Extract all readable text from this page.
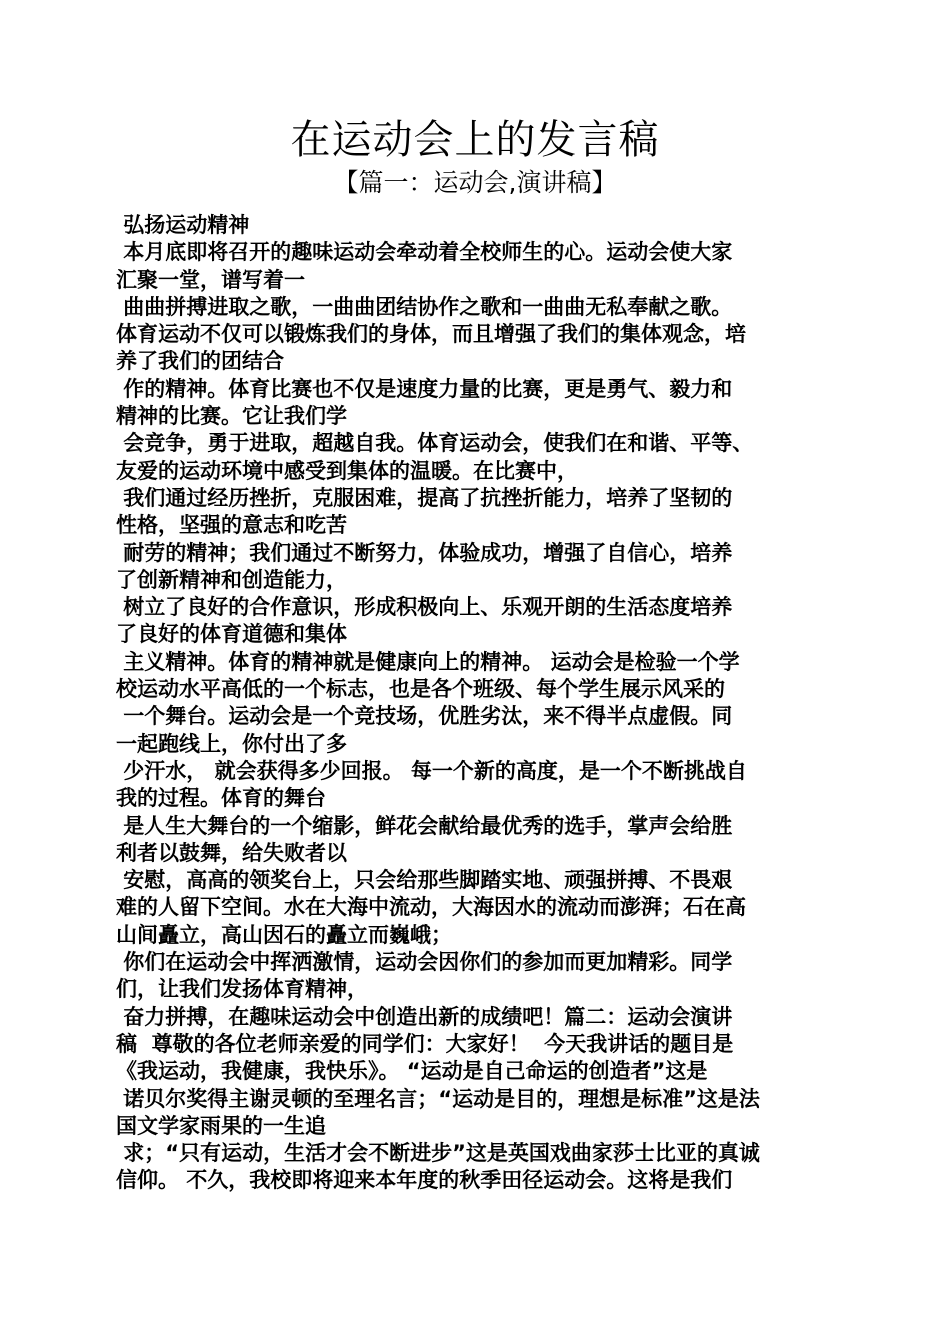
在运动会上的发言稿
【篇一：运动会,演讲稿】
弘扬运动精神
本月底即将召开的趣味运动会牵动着全校师生的心。运动会使大家
汇聚一堂，谱写着一
曲曲拼搏进取之歌，一曲曲团结协作之歌和一曲曲无私奉献之歌。
体育运动不仅可以锻炼我们的身体，而且增强了我们的集体观念，培
养了我们的团结合
作的精神。体育比赛也不仅是速度力量的比赛，更是勇气、毅力和
精神的比赛。它让我们学
会竞争，勇于进取，超越自我。体育运动会，使我们在和谐、平等、
友爱的运动环境中感受到集体的温暖。在比赛中，
我们通过经历挫折，克服困难，提高了抗挫折能力，培养了坚韧的
性格，坚强的意志和吃苦
耐劳的精神；我们通过不断努力，体验成功，增强了自信心，培养
了创新精神和创造能力，
树立了良好的合作意识，形成积极向上、乐观开朗的生活态度培养
了良好的体育道德和集体
主义精神。体育的精神就是健康向上的精神。 运动会是检验一个学
校运动水平高低的一个标志，也是各个班级、每个学生展示风采的
一个舞台。运动会是一个竞技场，优胜劣汰，来不得半点虚假。同
一起跑线上，你付出了多
少汗水， 就会获得多少回报。 每一个新的高度，是一个不断挑战自
我的过程。体育的舞台
是人生大舞台的一个缩影，鲜花会献给最优秀的选手，掌声会给胜
利者以鼓舞，给失败者以
安慰，高高的领奖台上，只会给那些脚踏实地、顽强拼搏、不畏艰
难的人留下空间。水在大海中流动，大海因水的流动而澎湃；石在高
山间矗立，高山因石的矗立而巍峨；
你们在运动会中挥洒激情，运动会因你们的参加而更加精彩。同学
们，让我们发扬体育精神，
奋力拼搏，在趣味运动会中创造出新的成绩吧！篇二：运动会演讲
稿  尊敬的各位老师亲爱的同学们：大家好！  今天我讲话的题目是
《我运动，我健康，我快乐》。 “运动是自己命运的创造者”这是
诺贝尔奖得主谢灵顿的至理名言；“运动是目的，理想是标准”这是法
国文学家雨果的一生追
求；“只有运动，生活才会不断进步”这是英国戏曲家莎士比亚的真诚
信仰。 不久，我校即将迎来本年度的秋季田径运动会。这将是我们
